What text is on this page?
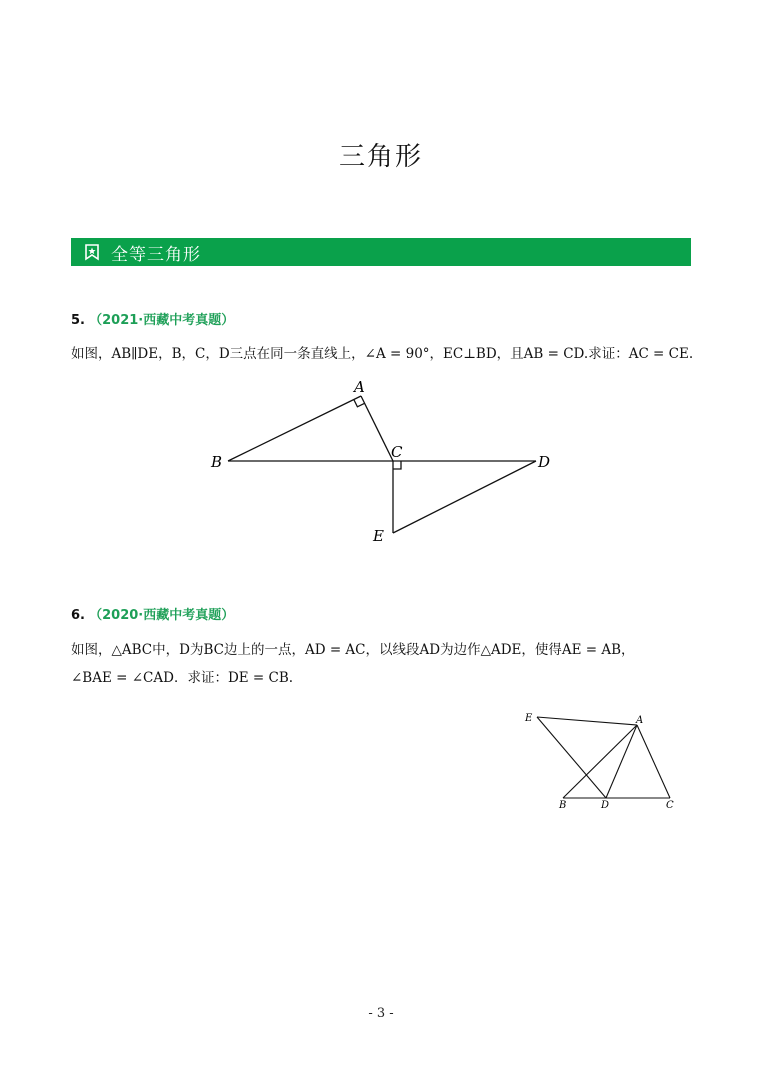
三角形
全等三角形
5. （2021·西藏中考真题）
如图，AB∥DE，B，C，D三点在同一条直线上，∠A = 90°，EC⊥BD，且AB = CD.求证：AC = CE.
A
B
C
D
E
6. （2020·西藏中考真题）
如图，△ABC中，D为BC边上的一点，AD = AC，以线段AD为边作△ADE，使得AE = AB，
∠BAE = ∠CAD．求证：DE = CB.
A
B	C
D
E
- 3 -
